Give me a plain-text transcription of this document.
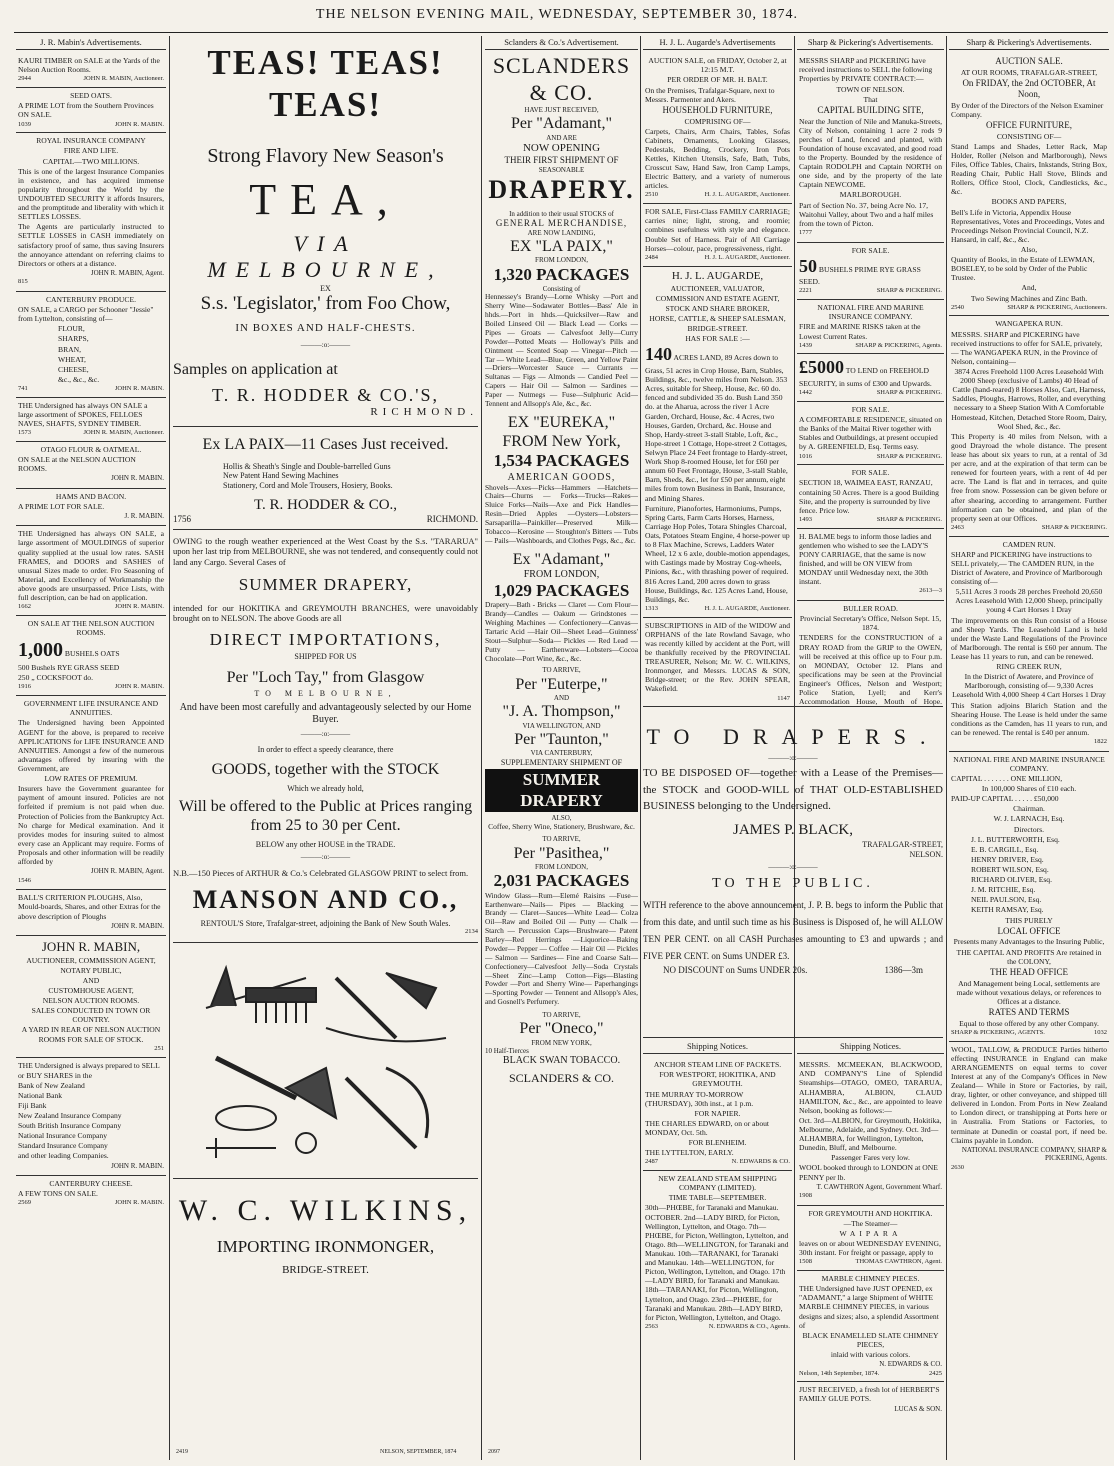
THE NELSON EVENING MAIL, WEDNESDAY, SEPTEMBER 30, 1874.
J. R. Mabin's Advertisements.

KAURI TIMBER on SALE at the Yards of the Nelson Auction Rooms.

2944	JOHN R. MABIN, Auctioneer.

SEED OATS.

A PRIME LOT from the Southern Provinces ON SALE.

1039	JOHN R. MABIN.

ROYAL INSURANCE COMPANY

FIRE AND LIFE.

CAPITAL—TWO MILLIONS.

This is one of the largest Insurance Companies in existence, and has acquired immense popularity throughout the World by the UNDOUBTED SECURITY it affords Insurers, and the promptitude and liberality with which it SETTLES LOSSES.

The Agents are particularly instructed to SETTLE LOSSES in CASH immediately on satisfactory proof of same, thus saving Insurers the annoyance attendant on referring claims to Directors or others at a distance.

JOHN R. MABIN, Agent.

815

CANTERBURY PRODUCE.

ON SALE, a CARGO per Schooner "Jessie" from Lyttelton, consisting of—

FLOUR,

SHARPS,

BRAN,

WHEAT,

CHEESE,

&c., &c., &c.

741	JOHN R. MABIN.

THE Undersigned has always ON SALE a large assortment of SPOKES, FELLOES NAVES, SHAFTS, SYDNEY TIMBER.

1573	JOHN R. MABIN, Auctioneer.

OTAGO FLOUR & OATMEAL.

ON SALE at the NELSON AUCTION ROOMS.

JOHN R. MABIN.

HAMS AND BACON.

A PRIME LOT FOR SALE.

J. R. MABIN.

THE Undersigned has always ON SALE, a large assortment of MOULDINGS of superior quality supplied at the usual low rates. SASH FRAMES, and DOORS and SASHES of unusual Sizes made to order. Fro Seasoning of Material, and Excellency of Workmanship the above goods are unsurpassed. Price Lists, with full description, can be had on application.

1662	JOHN R. MABIN.

ON SALE AT THE NELSON AUCTION ROOMS.

1,000 BUSHELS OATS

500 Bushels RYE GRASS SEED

250 „ COCKSFOOT do.

1916	JOHN R. MABIN.

GOVERNMENT LIFE INSURANCE AND ANNUITIES.

The Undersigned having been Appointed AGENT for the above, is prepared to receive APPLICATIONS for LIFE INSURANCE AND ANNUITIES. Amongst a few of the numerous advantages offered by insuring with the Government, are

LOW RATES OF PREMIUM.

Insurers have the Government guarantee for payment of amount insured. Policies are not forfeited if premium is not paid when due. Protection of Policies from the Bankruptcy Act. No charge for Medical examination. And it provides modes for insuring suited to almost every case an Applicant may require. Forms of Proposals and other information will be readily afforded by

JOHN R. MABIN, Agent.

1546

BALL'S CRITERION PLOUGHS, Also, Mould-boards, Shares, and other Extras for the above description of Ploughs

JOHN R. MABIN.

JOHN R. MABIN,

AUCTIONEER, COMMISSION AGENT,

NOTARY PUBLIC,

AND

CUSTOMHOUSE AGENT,

NELSON AUCTION ROOMS.

SALES CONDUCTED IN TOWN OR COUNTRY.

A YARD IN REAR OF NELSON AUCTION ROOMS FOR SALE OF STOCK.

251

THE Undersigned is always prepared to SELL or BUY SHARES in the

Bank of New Zealand

National Bank

Fiji Bank

New Zealand Insurance Company

South British Insurance Company

National Insurance Company

Standard Insurance Company

and other leading Companies.

JOHN R. MABIN.

CANTERBURY CHEESE.

A FEW TONS ON SALE.

2569	JOHN R. MABIN.
TEAS! TEAS! TEAS!
Strong Flavory New Season's
TEA,
VIA MELBOURNE,
EX
S.s. 'Legislator,' from Foo Chow,
IN BOXES AND HALF-CHESTS.
———:o:———
Samples on application at
T. R. HODDER & CO.'S,
RICHMOND.
Ex LA PAIX—11 Cases Just received.
Hollis & Sheath's Single and Double-barrelled Guns
New Patent Hand Sewing Machines
Stationery, Cord and Mole Trousers, Hosiery, Books.
T. R. HODDER & CO.,
1756	RICHMOND.
OWING to the rough weather experienced at the West Coast by the S.s. "TARARUA" upon her last trip from MELBOURNE, she was not tendered, and consequently could not land any Cargo. Several Cases of
SUMMER DRAPERY,
intended for our HOKITIKA and GREYMOUTH BRANCHES, were unavoidably brought on to NELSON. The above Goods are all
DIRECT IMPORTATIONS,
SHIPPED FOR US
Per "Loch Tay," from Glasgow
TO MELBOURNE,
And have been most carefully and advantageously selected by our Home Buyer.
———:o:———
In order to effect a speedy clearance, there
GOODS, together with the STOCK
Which we already hold,
Will be offered to the Public at Prices ranging from 25 to 30 per Cent.
BELOW any other HOUSE in the TRADE.
———:o:———
N.B.—150 Pieces of ARTHUR & Co.'s Celebrated GLASGOW PRINT to select from.
MANSON AND CO.,
RENTOUL'S Store, Trafalgar-street, adjoining the Bank of New South Wales.
2134
W. C. WILKINS,
IMPORTING IRONMONGER,
BRIDGE-STREET.
2419	NELSON, SEPTEMBER, 1874
Sclanders & Co.'s Advertisement.
SCLANDERS & CO.
HAVE JUST RECEIVED,
Per "Adamant,"
AND ARE
NOW OPENING
THEIR FIRST SHIPMENT OF
SEASONABLE
DRAPERY.
In addition to their usual STOCKS of
GENERAL MERCHANDISE,
ARE NOW LANDING,
EX "LA PAIX,"
FROM LONDON,
1,320 PACKAGES
Consisting of
Hennessey's Brandy—Lorne Whisky —Port and Sherry Wine—Sodawater Bottles—Bass' Ale in hhds.—Port in hhds.—Quicksilver—Raw and Boiled Linseed Oil — Black Lead — Corks — Pipes — Groats — Calvesfoot Jelly—Curry Powder—Potted Meats — Holloway's Pills and Ointment — Scented Soap — Vinegar—Pitch — Tar — White Lead—Blue, Green, and Yellow Paint—Driers—Worcester Sauce — Currants — Sultanas — Figs — Almonds — Candied Peel — Capers — Hair Oil — Salmon — Sardines — Paper — Nutmegs — Fuse—Sulphuric Acid—Tennent and Allsopp's Ale, &c., &c.
EX "EUREKA,"
FROM New York,
1,534 PACKAGES
AMERICAN GOODS,
Shovels—Axes—Picks—Hammers —Hatchets—Chairs—Churns — Forks—Trucks—Rakes—Sluice Forks—Nails—Axe and Pick Handles—Resin—Dried Apples —Oysters—Lobsters—Sarsaparilla—Painkiller—Preserved Milk—Tobacco—Kerosine — Stoughton's Bitters — Tubs — Pails—Washboards, and Clothes Pegs, &c., &c.
Ex "Adamant,"
FROM LONDON,
1,029 PACKAGES
Drapery—Bath - Bricks — Claret — Corn Flour—Brandy—Candles — Oakum — Grindstones — Weighing Machines — Confectionery—Canvas—Tartaric Acid —Hair Oil—Sheet Lead—Guinness' Stout—Sulphur—Soda— Pickles — Red Lead — Putty — Earthenware—Lobsters—Cocoa Chocolate—Port Wine, &c., &c.
TO ARRIVE,
Per "Euterpe,"
AND
"J. A. Thompson,"
VIA WELLINGTON, AND
Per "Taunton,"
VIA CANTERBURY,
SUPPLEMENTARY SHIPMENT OF
SUMMER DRAPERY
ALSO,
Coffee, Sherry Wine, Stationery, Brushware, &c.
TO ARRIVE,
Per "Pasithea,"
FROM LONDON,
2,031 PACKAGES
Window Glass—Rum—Elemé Raisins —Fuse—Earthenware—Nails— Pipes — Blacking — Brandy — Claret—Sauces—White Lead— Colza Oil—Raw and Boiled Oil — Putty — Chalk — Starch — Percussion Caps—Brushware— Patent Barley—Red Herrings —Liquorice—Baking Powder— Pepper — Coffee — Hair Oil — Pickles — Salmon — Sardines— Fine and Coarse Salt—Confectionery—Calvesfoot Jelly—Soda Crystals—Sheet Zinc—Lamp Cotton—Figs—Blasting Powder —Port and Sherry Wine— Paperhangings—Sporting Powder — Tennent and Allsopp's Ales, and Gosnell's Perfumery.
TO ARRIVE,
Per "Oneco,"
FROM NEW YORK,
10 Half-Tierces
BLACK SWAN TOBACCO.
SCLANDERS & CO.
2097
H. J. L. Augarde's Advertisements

AUCTION SALE, on FRIDAY, October 2, at 12:15 M.T.

PER ORDER OF MR. H. BALT.

On the Premises, Trafalgar-Square, next to Messrs. Parmenter and Akers.

HOUSEHOLD FURNITURE,

COMPRISING OF—

Carpets, Chairs, Arm Chairs, Tables, Sofas Cabinets, Ornaments, Looking Glasses, Pedestals, Bedding, Crockery, Iron Pots Kettles, Kitchen Utensils, Safe, Bath, Tubs, Crosscut Saw, Hand Saw, Iron Camp Lamps, Electric Battery, and a variety of numerous articles.

2510	H. J. L. AUGARDE, Auctioneer.

FOR SALE, First-Class FAMILY CARRIAGE; carries nine; light, strong, and roomie; combines usefulness with style and elegance. Double Set of Harness. Pair of All Carriage Horses—colour, pace, progressiveness, right.

2484	H. J. L. AUGARDE, Auctioneer.

H. J. L. AUGARDE,

AUCTIONEER, VALUATOR,

COMMISSION AND ESTATE AGENT,

STOCK AND SHARE BROKER,

HORSE, CATTLE, & SHEEP SALESMAN,

BRIDGE-STREET.

HAS FOR SALE :—

140 ACRES LAND, 89 Acres down to Grass, 51 acres in Crop House, Barn, Stables, Buildings, &c., twelve miles from Nelson. 353 Acres, suitable for Sheep, House, &c. 60 do. fenced and subdivided 35 do. Bush Land 350 do. at the Aharua, across the river 1 Acre Garden, Orchard, House, &c. 4 Acres, two Houses, Garden, Orchard, &c. House and Shop, Hardy-street 3-stall Stable, Loft, &c., Hope-street 1 Cottage, Hope-street 2 Cottages, Selwyn Place 24 Feet frontage to Hardy-street, Work Shop 8-roomed House, let for £60 per annum 60 Feet Frontage, House, 3-stall Stable, Barn, Sheds, &c., let for £50 per annum, eight miles from town Business in Bank, Insurance, and Mining Shares.

Furniture, Pianofortes, Harmoniums, Pumps, Spring Carts, Farm Carts Horses, Harness, Carriage Hop Poles, Totara Shingles Charcoal, Oats, Potatoes Steam Engine, 4 horse-power up to 8 Flax Machine, Screws, Ladders Water Wheel, 12 x 6 axle, double-motion appendages, with Castings made by Mostray Cog-wheels, Pinions, &c., with thrashing power of required. 816 Acres Land, 200 acres down to grass House, Buildings, &c. 125 Acres Land, House, Buildings, &c.

1313	H. J. L. AUGARDE, Auctioneer.

SUBSCRIPTIONS in AID of the WIDOW and ORPHANS of the late Rowland Savage, who was recently killed by accident at the Port, will be thankfully received by the PROVINCIAL TREASURER, Nelson; Mr. W. C. WILKINS, Ironmonger, and Messrs. LUCAS & SON, Bridge-street; or the Rev. JOHN SPEAR, Wakefield.

1147

Sharp & Pickering's Advertisements.

MESSRS SHARP and PICKERING have received instructions to SELL the following Properties by PRIVATE CONTRACT:—

TOWN OF NELSON.

That

CAPITAL BUILDING SITE,

Near the Junction of Nile and Manuka-Streets, City of Nelson, containing 1 acre 2 rods 9 perches of Land, fenced and planted, with Foundation of house excavated, and good road to the Property. Bounded by the residence of Captain RODOLPH and Captain NORTH on one side, and by the property of the late Captain NEWCOME.

MARLBOROUGH.

Part of Section No. 37, being Acre No. 17, Waitohui Valley, about Two and a half miles from the town of Picton.

1777

FOR SALE.

50 BUSHELS PRIME RYE GRASS SEED.

2221	SHARP & PICKERING.

NATIONAL FIRE AND MARINE INSURANCE COMPANY.

FIRE and MARINE RISKS taken at the Lowest Current Rates.

1439	SHARP & PICKERING, Agents.

£5000 TO LEND on FREEHOLD SECURITY, in sums of £300 and Upwards.

1442	SHARP & PICKERING.

FOR SALE.

A COMFORTABLE RESIDENCE, situated on the Banks of the Maitai River together with Stables and Outbuildings, at present occupied by A. GREENFIELD, Esq. Terms easy.

1016	SHARP & PICKERING.

FOR SALE.

SECTION 18, WAIMEA EAST, RANZAU, containing 50 Acres. There is a good Building Site, and the property is surrounded by live fence. Price low.

1493	SHARP & PICKERING.

H. BALME begs to inform those ladies and gentlemen who wished to see the LADY'S PONY CARRIAGE, that the same is now finished, and will be ON VIEW from MONDAY until Wednesday next, the 30th instant.

2613—3

BULLER ROAD.

Provincial Secretary's Office, Nelson Sept. 15, 1874.

TENDERS for the CONSTRUCTION of a DRAY ROAD from the GRIP to the OWEN, will be received at this office up to Four p.m. on MONDAY, October 12. Plans and specifications may be seen at the Provincial Engineer's Offices, Nelson and Westport; Police Station, Lyell; and Kerr's Accommodation House, Mouth of Hope.

TO DRAPERS.
———:o:———
TO BE DISPOSED OF—together with a Lease of the Premises—the STOCK and GOOD-WILL of THAT OLD-ESTABLISHED BUSINESS belonging to the Undersigned.
JAMES P. BLACK,
TRAFALGAR-STREET,
NELSON.
———:o:———
TO THE PUBLIC.
WITH reference to the above announcement, J. P. B. begs to inform the Public that from this date, and until such time as his Business is Disposed of, he will ALLOW TEN PER CENT. on all CASH Purchases amounting to £3 and upwards ; and FIVE PER CENT. on Sums UNDER £3.
NO DISCOUNT on Sums UNDER 20s.	1386—3m
Shipping Notices.

ANCHOR STEAM LINE OF PACKETS.

FOR WESTPORT, HOKITIKA, AND GREYMOUTH.

THE MURRAY TO-MORROW (THURSDAY), 30th inst., at 1 p.m.

FOR NAPIER.

THE CHARLES EDWARD, on or about MONDAY, Oct. 5th.

FOR BLENHEIM.

THE LYTTELTON, EARLY.

2487	N. EDWARDS & CO.

NEW ZEALAND STEAM SHIPPING COMPANY (LIMITED).

TIME TABLE—SEPTEMBER.

30th—PHŒBE, for Taranaki and Manukau. OCTOBER. 2nd—LADY BIRD, for Picton, Wellington, Lyttelton, and Otago. 7th—PHŒBE, for Picton, Wellington, Lyttelton, and Otago. 8th—WELLINGTON, for Taranaki and Manukau. 10th—TARANAKI, for Taranaki and Manukau. 14th—WELLINGTON, for Picton, Wellington, Lyttelton, and Otago. 17th—LADY BIRD, for Taranaki and Manukau. 18th—TARANAKI, for Picton, Wellington, Lyttelton, and Otago. 23rd—PHŒBE, for Taranaki and Manukau. 28th—LADY BIRD, for Picton, Wellington, Lyttelton, and Otago.

2563	N. EDWARDS & CO., Agents.
Shipping Notices.

MESSRS. MCMEEKAN, BLACKWOOD, AND COMPANY'S Line of Splendid Steamships—OTAGO, OMEO, TARARUA, ALHAMBRA, ALBION, CLAUD HAMILTON, &c., &c., are appointed to leave Nelson, booking as follows:—

Oct. 3rd—ALBION, for Greymouth, Hokitika, Melbourne, Adelaide, and Sydney. Oct. 3rd—ALHAMBRA, for Wellington, Lyttelton, Dunedin, Bluff, and Melbourne.

Passenger Fares very low.

WOOL booked through to LONDON at ONE PENNY per lb.

T. CAWTHRON Agent, Government Wharf.

1908

FOR GREYMOUTH AND HOKITIKA.

—The Steamer—

WAIPARA

leaves on or about WEDNESDAY EVENING, 30th instant. For freight or passage, apply to

1508	THOMAS CAWTHRON, Agent.

MARBLE CHIMNEY PIECES.

THE Undersigned have JUST OPENED, ex "ADAMANT," a large Shipment of WHITE MARBLE CHIMNEY PIECES, in various designs and sizes; also, a splendid Assortment of

BLACK ENAMELLED SLATE CHIMNEY PIECES,

inlaid with various colors.

N. EDWARDS & CO.

Nelson, 14th September, 1874.	2425

JUST RECEIVED, a fresh lot of HERBERT'S FAMILY GLUE POTS.

LUCAS & SON.

Sharp & Pickering's Advertisements.

AUCTION SALE.

AT OUR ROOMS, TRAFALGAR-STREET,

On FRIDAY, the 2nd OCTOBER, At Noon,

By Order of the Directors of the Nelson Examiner Company.

OFFICE FURNITURE,

CONSISTING OF—

Stand Lamps and Shades, Letter Rack, Map Holder, Roller (Nelson and Marlborough), News Files, Office Tables, Chairs, Inkstands, String Box, Reading Chair, Public Hall Stove, Blinds and Rollers, Office Stool, Clock, Candlesticks, &c., &c.

BOOKS AND PAPERS,

Bell's Life in Victoria, Appendix House Representatives, Votes and Proceedings, Votes and Proceedings Nelson Provincial Council, N.Z. Hansard, in calf, &c., &c.

Also,

Quantity of Books, in the Estate of LEWMAN, BOSELEY, to be sold by Order of the Public Trustee.

And,

Two Sewing Machines and Zinc Bath.

2540	SHARP & PICKERING, Auctioneers.

WANGAPEKA RUN.

MESSRS. SHARP and PICKERING have received instructions to offer for SALE, privately,— The WANGAPEKA RUN, in the Province of Nelson, containing—

3874 Acres Freehold 1100 Acres Leasehold With 2000 Sheep (exclusive of Lambs) 40 Head of Cattle (hand-reared) 8 Horses Also, Cart, Harness, Saddles, Ploughs, Harrows, Roller, and everything necessary to a Sheep Station With A Comfortable Homestead, Kitchen, Detached Store Room, Dairy, Wool Shed, &c., &c.

This Property is 40 miles from Nelson, with a good Drayroad the whole distance. The present lease has about six years to run, at a rental of 3d per acre, and at the expiration of that term can be renewed for fourteen years, with a rent of 4d per acre. The Land is flat and in terraces, and quite free from snow. Possession can be given before or after shearing, according to arrangement. Further information can be obtained, and plan of the property seen at our Offices.

2463	SHARP & PICKERING.

CAMDEN RUN.

SHARP and PICKERING have instructions to SELL privately,— The CAMDEN RUN, in the District of Awatere, and Province of Marlborough consisting of—

5,511 Acres 3 roods 28 perches Freehold 20,650 Acres Leasehold With 12,000 Sheep, principally young 4 Cart Horses 1 Dray

The improvements on this Run consist of a House and Sheep Yards. The Leasehold Land is held under the Waste Land Regulations of the Province of Marlborough. The rental is £60 per annum. The Lease has 11 years to run, and can be renewed.

RING CREEK RUN,

In the District of Awatere, and Province of Marlborough, consisting of— 9,330 Acres Leasehold With 4,000 Sheep 4 Cart Horses 1 Dray

This Station adjoins Blarich Station and the Shearing House. The Lease is held under the same conditions as the Camden, has 11 years to run, and can be renewed. The rental is £40 per annum.

1822

NATIONAL FIRE AND MARINE INSURANCE COMPANY.

CAPITAL . . . . . . . ONE MILLION,

In 100,000 Shares of £10 each.

PAID-UP CAPITAL . . . . . £50,000

Chairman.

W. J. LARNACH, Esq.

Directors.

J. L. BUTTERWORTH, Esq.

E. B. CARGILL, Esq.

HENRY DRIVER, Esq.

ROBERT WILSON, Esq.

RICHARD OLIVER, Esq.

J. M. RITCHIE, Esq.

NEIL PAULSON, Esq.

KEITH RAMSAY, Esq.

THIS PURELY

LOCAL OFFICE

Presents many Advantages to the Insuring Public,

THE CAPITAL AND PROFITS Are retained in the COLONY,

THE HEAD OFFICE

And Management being Local, settlements are made without vexatious delays, or references to Offices at a distance.

RATES AND TERMS

Equal to those offered by any other Company.

SHARP & PICKERING, AGENTS.	1032

WOOL, TALLOW, & PRODUCE Parties hitherto effecting INSURANCE in England can make ARRANGEMENTS on equal terms to cover Interest at any of the Company's Offices in New Zealand— While in Store or Factories, by rail, dray, lighter, or other conveyance, and shipped till delivered in London. From Ports in New Zealand to London direct, or transhipping at Ports here or in Australia. From Stations or Factories, to terminate at Dunedin or coastal port, if need be. Claims payable in London.

NATIONAL INSURANCE COMPANY, SHARP & PICKERING, Agents.

2630
